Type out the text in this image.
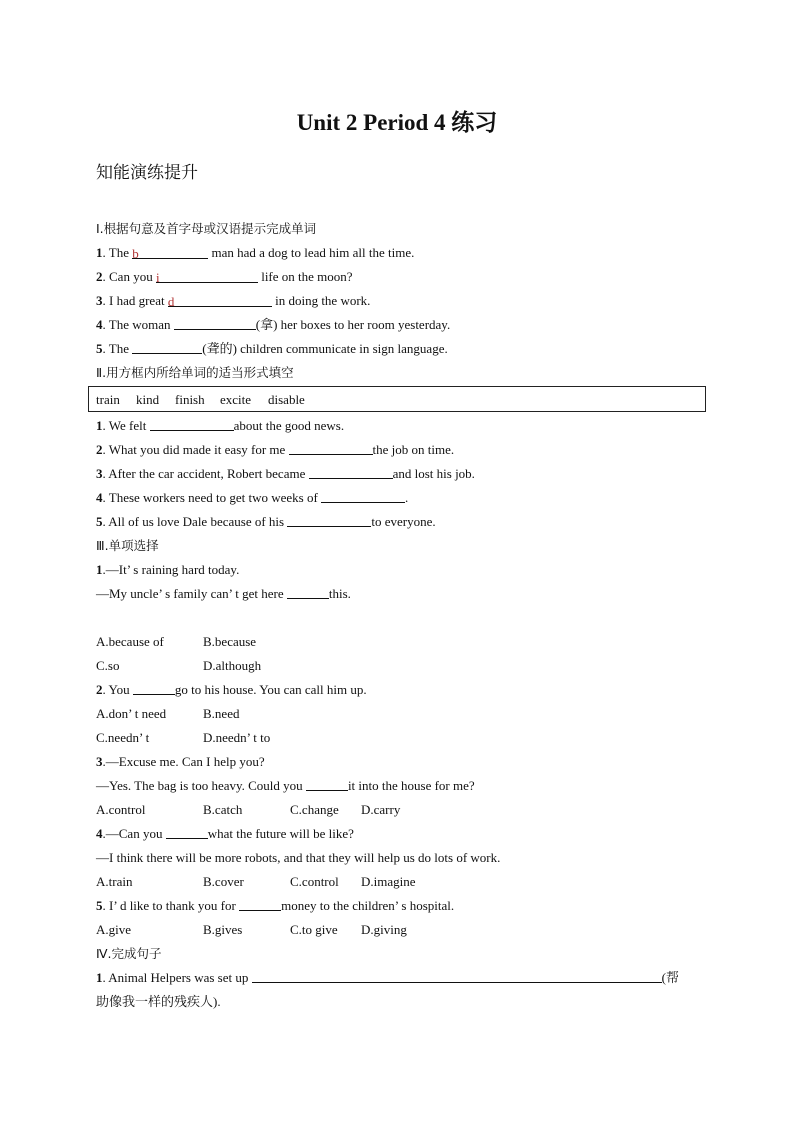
Unit 2 Period 4 练习
知能演练提升
Ⅰ.根据句意及首字母或汉语提示完成单词
1. The b	man had a dog to lead him all the time.
2. Can you i	life on the moon?
3. I had great d	in doing the work.
4. The woman	(拿) her boxes to her room yesterday.
5. The	(聋的) children communicate in sign language.
Ⅱ.用方框内所给单词的适当形式填空
train kind finish excite disable
1. We felt	about the good news.
2. What you did made it easy for me	the job on time.
3. After the car accident, Robert became	and lost his job.
4. These workers need to get two weeks of	.
5. All of us love Dale because of his	to everyone.
Ⅲ.单项选择
1.—It’ s raining hard today.
—My uncle’ s family can’ t get here	this.
A.because of	B.because
C.so	D.although
2. You	go to his house. You can call him up.
A.don’ t need	B.need
C.needn’ t	D.needn’ t to
3.—Excuse me. Can I help you?
—Yes. The bag is too heavy. Could you	it into the house for me?
A.control	B.catch	C.change D.carry
4.—Can you	what the future will be like?
—I think there will be more robots, and that they will help us do lots of work.
A.train	B.cover	C.control D.imagine
5. I’ d like to thank you for	money to the children’ s hospital.
A.give	B.gives	C.to give D.giving
Ⅳ.完成句子
1. Animal Helpers was set up	(帮
助像我一样的残疾人).
